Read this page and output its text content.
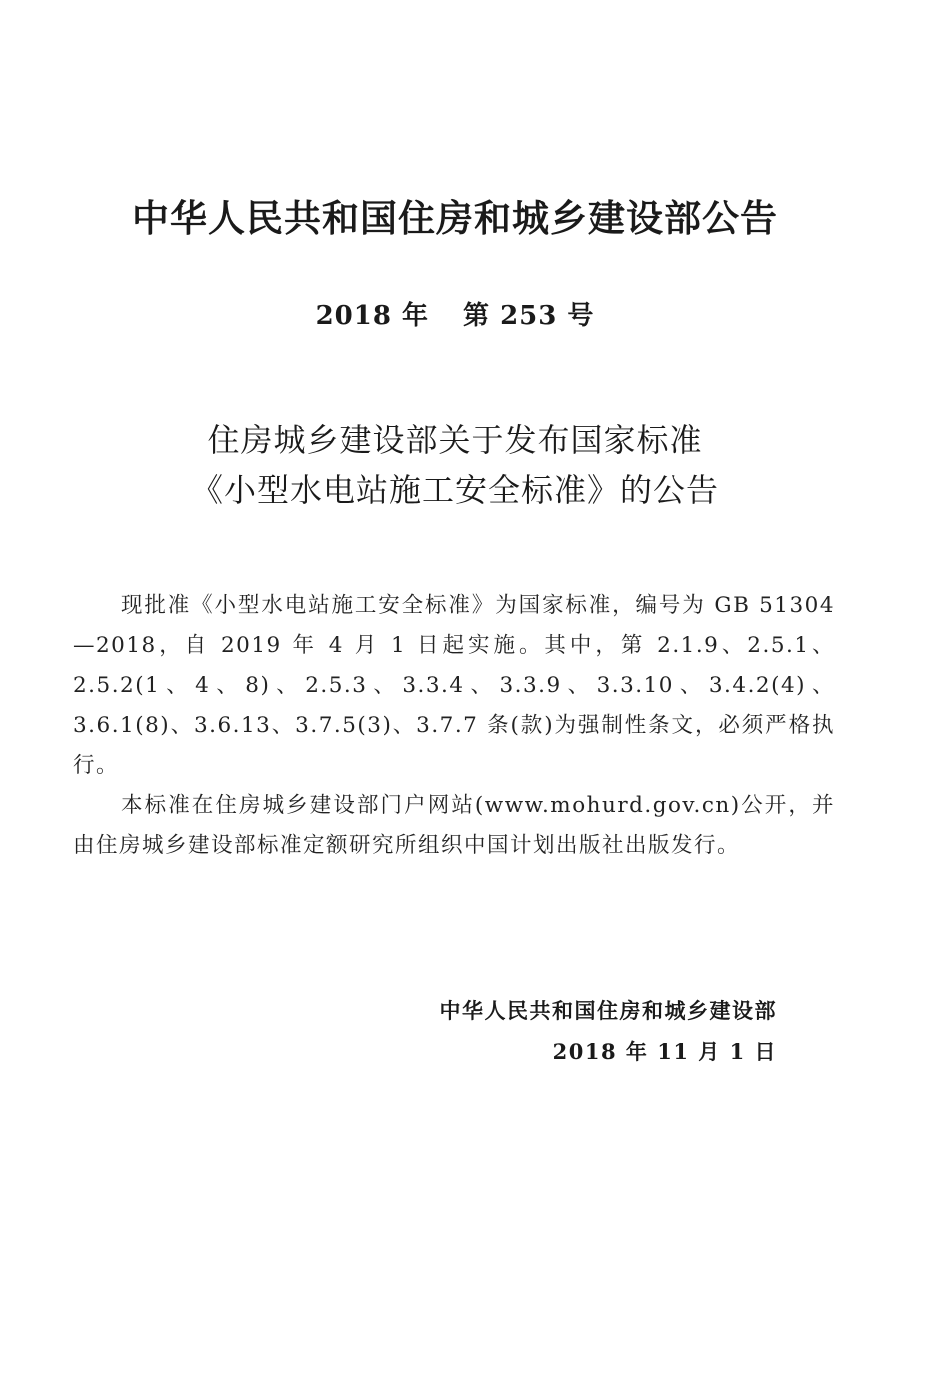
中华人民共和国住房和城乡建设部公告
2018 年 第 253 号
住房城乡建设部关于发布国家标准
《小型水电站施工安全标准》的公告

现批准《小型水电站施工安全标准》为国家标准，编号为 GB 51304—2018，自 2019 年 4 月 1 日起实施。其中，第 2.1.9、2.5.1、2.5.2(1、4、8)、2.5.3、3.3.4、3.3.9、3.3.10、3.4.2(4)、3.6.1(8)、3.6.13、3.7.5(3)、3.7.7 条(款)为强制性条文，必须严格执行。

本标准在住房城乡建设部门户网站(www.mohurd.gov.cn)公开，并由住房城乡建设部标准定额研究所组织中国计划出版社出版发行。

中华人民共和国住房和城乡建设部
2018 年 11 月 1 日
